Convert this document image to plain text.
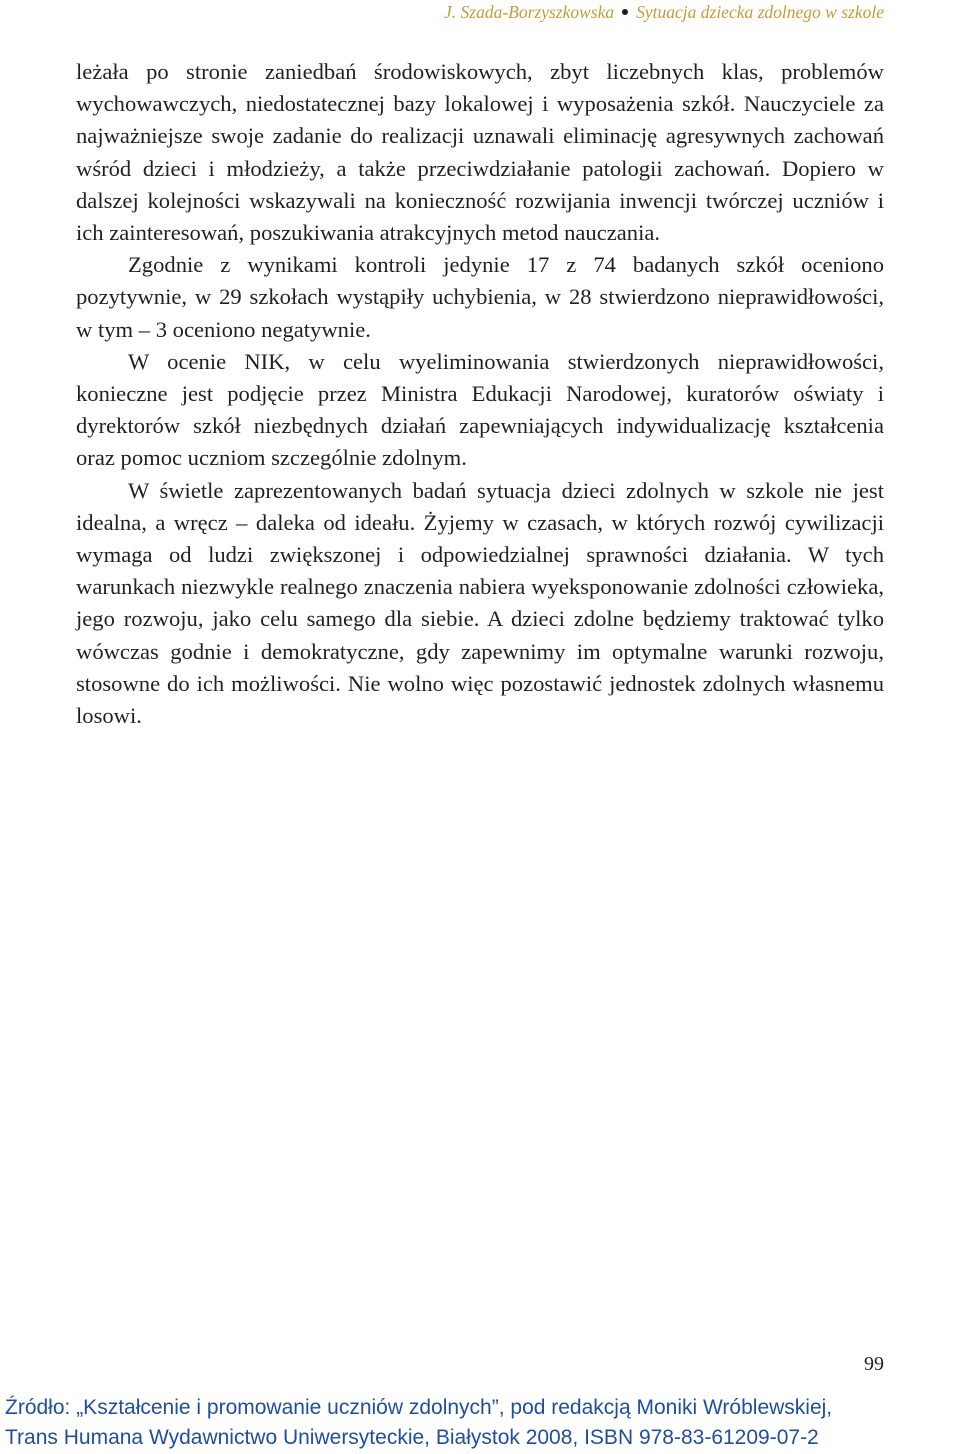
J. Szada-Borzyszkowska Sytuacja dziecka zdolnego w szkole

leżała po stronie zaniedbań środowiskowych, zbyt liczebnych klas, problemów wychowawczych, niedostatecznej bazy lokalowej i wyposażenia szkół. Nauczyciele za najważniejsze swoje zadanie do realizacji uznawali eliminację agresywnych zachowań wśród dzieci i młodzieży, a także przeciwdziałanie patologii zachowań. Dopiero w dalszej kolejności wskazywali na konieczność rozwijania inwencji twórczej uczniów i ich zainteresowań, poszukiwania atrakcyjnych metod nauczania.

Zgodnie z wynikami kontroli jedynie 17 z 74 badanych szkół oceniono pozytywnie, w 29 szkołach wystąpiły uchybienia, w 28 stwierdzono nieprawidłowości, w tym – 3 oceniono negatywnie.

W ocenie NIK, w celu wyeliminowania stwierdzonych nieprawidłowości, konieczne jest podjęcie przez Ministra Edukacji Narodowej, kuratorów oświaty i dyrektorów szkół niezbędnych działań zapewniających indywidualizację kształcenia oraz pomoc uczniom szczególnie zdolnym.

W świetle zaprezentowanych badań sytuacja dzieci zdolnych w szkole nie jest idealna, a wręcz – daleka od ideału. Żyjemy w czasach, w których rozwój cywilizacji wymaga od ludzi zwiększonej i odpowiedzialnej sprawności działania. W tych warunkach niezwykle realnego znaczenia nabiera wyeksponowanie zdolności człowieka, jego rozwoju, jako celu samego dla siebie. A dzieci zdolne będziemy traktować tylko wówczas godnie i demokratyczne, gdy zapewnimy im optymalne warunki rozwoju, stosowne do ich możliwości. Nie wolno więc pozostawić jednostek zdolnych własnemu losowi.

99
Źródło: „Kształcenie i promowanie uczniów zdolnych”, pod redakcją Moniki Wróblewskiej,
Trans Humana Wydawnictwo Uniwersyteckie, Białystok 2008, ISBN 978-83-61209-07-2
